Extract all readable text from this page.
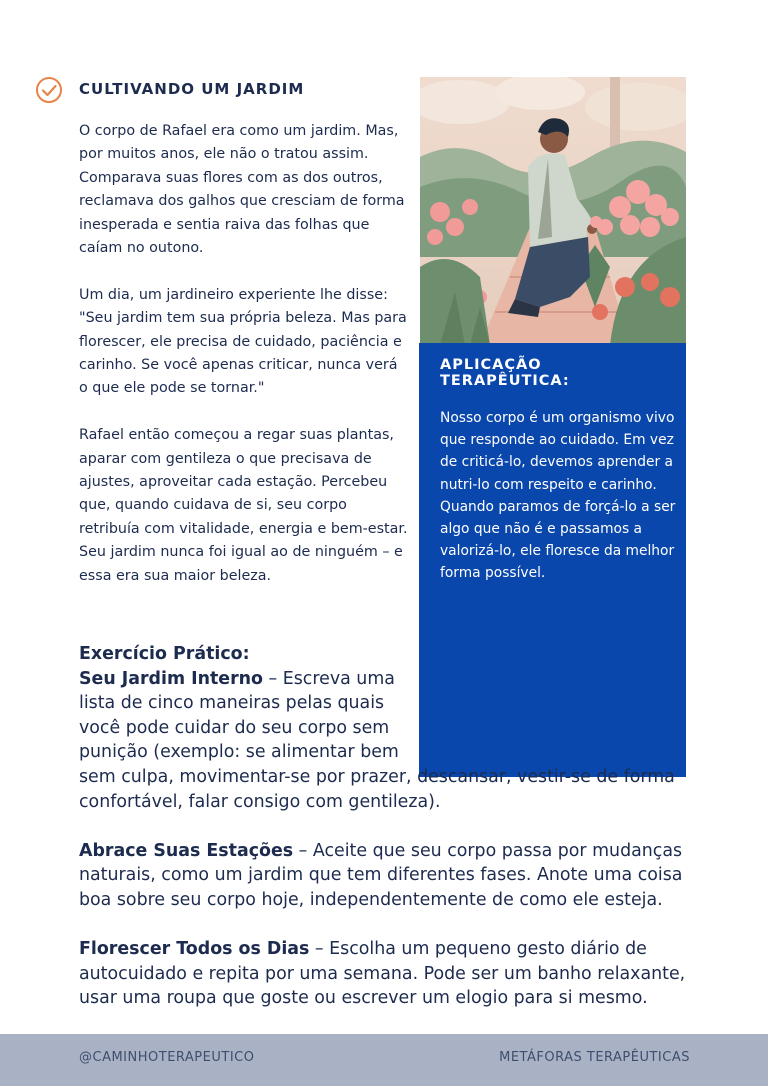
CULTIVANDO UM JARDIM

O corpo de Rafael era como um jardim. Mas, por muitos anos, ele não o tratou assim. Comparava suas flores com as dos outros, reclamava dos galhos que cresciam de forma inesperada e sentia raiva das folhas que caíam no outono.

Um dia, um jardineiro experiente lhe disse: "Seu jardim tem sua própria beleza. Mas para florescer, ele precisa de cuidado, paciência e carinho. Se você apenas criticar, nunca verá o que ele pode se tornar."

Rafael então começou a regar suas plantas, aparar com gentileza o que precisava de ajustes, aproveitar cada estação. Percebeu que, quando cuidava de si, seu corpo retribuía com vitalidade, energia e bem-estar.

Seu jardim nunca foi igual ao de ninguém – e essa era sua maior beleza.

APLICAÇÃO TERAPÊUTICA:

Nosso corpo é um organismo vivo que responde ao cuidado. Em vez de criticá-lo, devemos aprender a nutri-lo com respeito e carinho. Quando paramos de forçá-lo a ser algo que não é e passamos a valorizá-lo, ele floresce da melhor forma possível.

Exercício Prático:

Seu Jardim Interno – Escreva uma lista de cinco maneiras pelas quais você pode cuidar do seu corpo sem punição (exemplo: se alimentar bem
sem culpa, movimentar-se por prazer, descansar, vestir-se de forma confortável, falar consigo com gentileza).
Abrace Suas Estações – Aceite que seu corpo passa por mudanças naturais, como um jardim que tem diferentes fases. Anote uma coisa boa sobre seu corpo hoje, independentemente de como ele esteja.
Florescer Todos os Dias – Escolha um pequeno gesto diário de autocuidado e repita por uma semana. Pode ser um banho relaxante, usar uma roupa que goste ou escrever um elogio para si mesmo.
@CAMINHOTERAPEUTICO	METÁFORAS TERAPÊUTICAS
